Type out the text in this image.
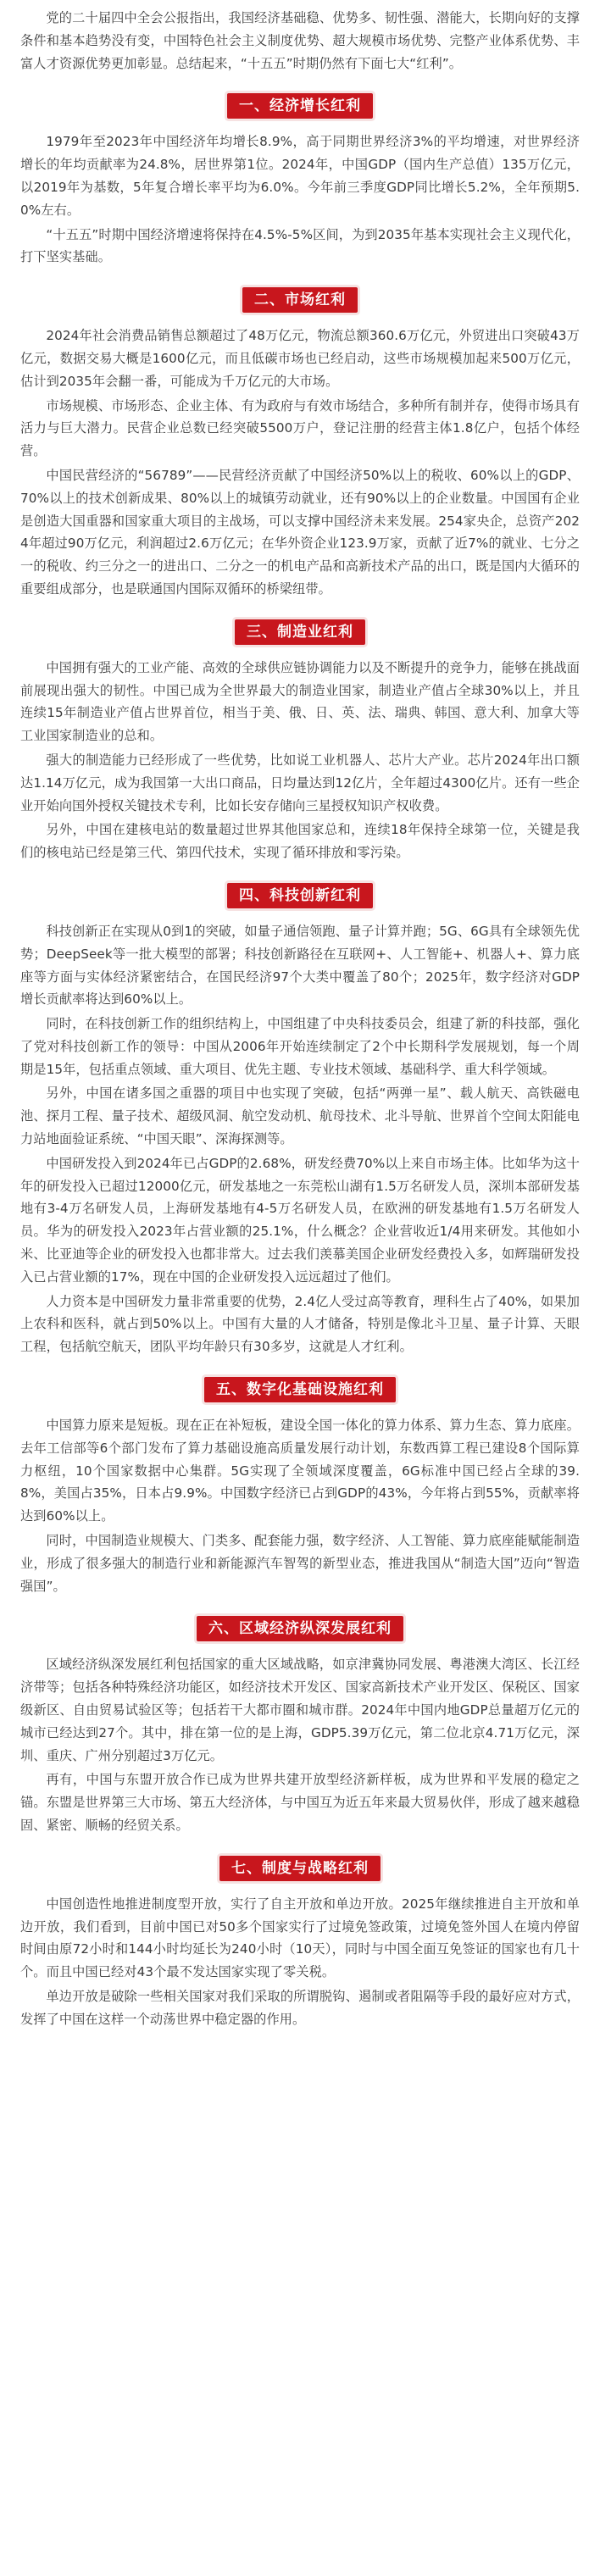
党的二十届四中全会公报指出，我国经济基础稳、优势多、韧性强、潜能大，长期向好的支撑条件和基本趋势没有变，中国特色社会主义制度优势、超大规模市场优势、完整产业体系优势、丰富人才资源优势更加彰显。总结起来，“十五五”时期仍然有下面七大“红利”。

一、经济增长红利

1979年至2023年中国经济年均增长8.9%，高于同期世界经济3%的平均增速，对世界经济增长的年均贡献率为24.8%，居世界第1位。2024年，中国GDP（国内生产总值）135万亿元，以2019年为基数，5年复合增长率平均为6.0%。今年前三季度GDP同比增长5.2%，全年预期5.0%左右。

“十五五”时期中国经济增速将保持在4.5%-5%区间，为到2035年基本实现社会主义现代化，打下坚实基础。

二、市场红利

2024年社会消费品销售总额超过了48万亿元，物流总额360.6万亿元，外贸进出口突破43万亿元，数据交易大概是1600亿元，而且低碳市场也已经启动，这些市场规模加起来500万亿元，估计到2035年会翻一番，可能成为千万亿元的大市场。

市场规模、市场形态、企业主体、有为政府与有效市场结合，多种所有制并存，使得市场具有活力与巨大潜力。民营企业总数已经突破5500万户，登记注册的经营主体1.8亿户，包括个体经营。

中国民营经济的“56789”——民营经济贡献了中国经济50%以上的税收、60%以上的GDP、70%以上的技术创新成果、80%以上的城镇劳动就业，还有90%以上的企业数量。中国国有企业是创造大国重器和国家重大项目的主战场，可以支撑中国经济未来发展。254家央企，总资产2024年超过90万亿元，利润超过2.6万亿元；在华外资企业123.9万家，贡献了近7%的就业、七分之一的税收、约三分之一的进出口、二分之一的机电产品和高新技术产品的出口，既是国内大循环的重要组成部分，也是联通国内国际双循环的桥梁纽带。

三、制造业红利

中国拥有强大的工业产能、高效的全球供应链协调能力以及不断提升的竞争力，能够在挑战面前展现出强大的韧性。中国已成为全世界最大的制造业国家，制造业产值占全球30%以上，并且连续15年制造业产值占世界首位，相当于美、俄、日、英、法、瑞典、韩国、意大利、加拿大等工业国家制造业的总和。

强大的制造能力已经形成了一些优势，比如说工业机器人、芯片大产业。芯片2024年出口额达1.14万亿元，成为我国第一大出口商品，日均量达到12亿片，全年超过4300亿片。还有一些企业开始向国外授权关键技术专利，比如长安存储向三星授权知识产权收费。

另外，中国在建核电站的数量超过世界其他国家总和，连续18年保持全球第一位，关键是我们的核电站已经是第三代、第四代技术，实现了循环排放和零污染。

四、科技创新红利

科技创新正在实现从0到1的突破，如量子通信领跑、量子计算并跑；5G、6G具有全球领先优势；DeepSeek等一批大模型的部署；科技创新路径在互联网+、人工智能+、机器人+、算力底座等方面与实体经济紧密结合，在国民经济97个大类中覆盖了80个；2025年，数字经济对GDP增长贡献率将达到60%以上。

同时，在科技创新工作的组织结构上，中国组建了中央科技委员会，组建了新的科技部，强化了党对科技创新工作的领导：中国从2006年开始连续制定了2个中长期科学发展规划，每一个周期是15年，包括重点领域、重大项目、优先主题、专业技术领域、基础科学、重大科学领域。

另外，中国在诸多国之重器的项目中也实现了突破，包括“两弹一星”、载人航天、高铁磁电池、探月工程、量子技术、超级风洞、航空发动机、航母技术、北斗导航、世界首个空间太阳能电力站地面验证系统、“中国天眼”、深海探测等。

中国研发投入到2024年已占GDP的2.68%，研发经费70%以上来自市场主体。比如华为这十年的研发投入已超过12000亿元，研发基地之一东莞松山湖有1.5万名研发人员，深圳本部研发基地有3-4万名研发人员，上海研发基地有4-5万名研发人员，在欧洲的研发基地有1.5万名研发人员。华为的研发投入2023年占营业额的25.1%，什么概念？企业营收近1/4用来研发。其他如小米、比亚迪等企业的研发投入也都非常大。过去我们羡慕美国企业研发经费投入多，如辉瑞研发投入已占营业额的17%，现在中国的企业研发投入远远超过了他们。

人力资本是中国研发力量非常重要的优势，2.4亿人受过高等教育，理科生占了40%，如果加上农科和医科，就占到50%以上。中国有大量的人才储备，特别是像北斗卫星、量子计算、天眼工程，包括航空航天，团队平均年龄只有30多岁，这就是人才红利。

五、数字化基础设施红利

中国算力原来是短板。现在正在补短板，建设全国一体化的算力体系、算力生态、算力底座。去年工信部等6个部门发布了算力基础设施高质量发展行动计划，东数西算工程已建设8个国际算力枢纽，10个国家数据中心集群。5G实现了全领域深度覆盖，6G标准中国已经占全球的39.8%，美国占35%，日本占9.9%。中国数字经济已占到GDP的43%，今年将占到55%，贡献率将达到60%以上。

同时，中国制造业规模大、门类多、配套能力强，数字经济、人工智能、算力底座能赋能制造业，形成了很多强大的制造行业和新能源汽车智驾的新型业态，推进我国从“制造大国”迈向“智造强国”。

六、区域经济纵深发展红利

区域经济纵深发展红利包括国家的重大区域战略，如京津冀协同发展、粤港澳大湾区、长江经济带等；包括各种特殊经济功能区，如经济技术开发区、国家高新技术产业开发区、保税区、国家级新区、自由贸易试验区等；包括若干大都市圈和城市群。2024年中国内地GDP总量超万亿元的城市已经达到27个。其中，排在第一位的是上海，GDP5.39万亿元，第二位北京4.71万亿元，深圳、重庆、广州分别超过3万亿元。

再有，中国与东盟开放合作已成为世界共建开放型经济新样板，成为世界和平发展的稳定之锚。东盟是世界第三大市场、第五大经济体，与中国互为近五年来最大贸易伙伴，形成了越来越稳固、紧密、顺畅的经贸关系。

七、制度与战略红利

中国创造性地推进制度型开放，实行了自主开放和单边开放。2025年继续推进自主开放和单边开放，我们看到，目前中国已对50多个国家实行了过境免签政策，过境免签外国人在境内停留时间由原72小时和144小时均延长为240小时（10天），同时与中国全面互免签证的国家也有几十个。而且中国已经对43个最不发达国家实现了零关税。

单边开放是破除一些相关国家对我们采取的所谓脱钩、遏制或者阻隔等手段的最好应对方式，发挥了中国在这样一个动荡世界中稳定器的作用。
